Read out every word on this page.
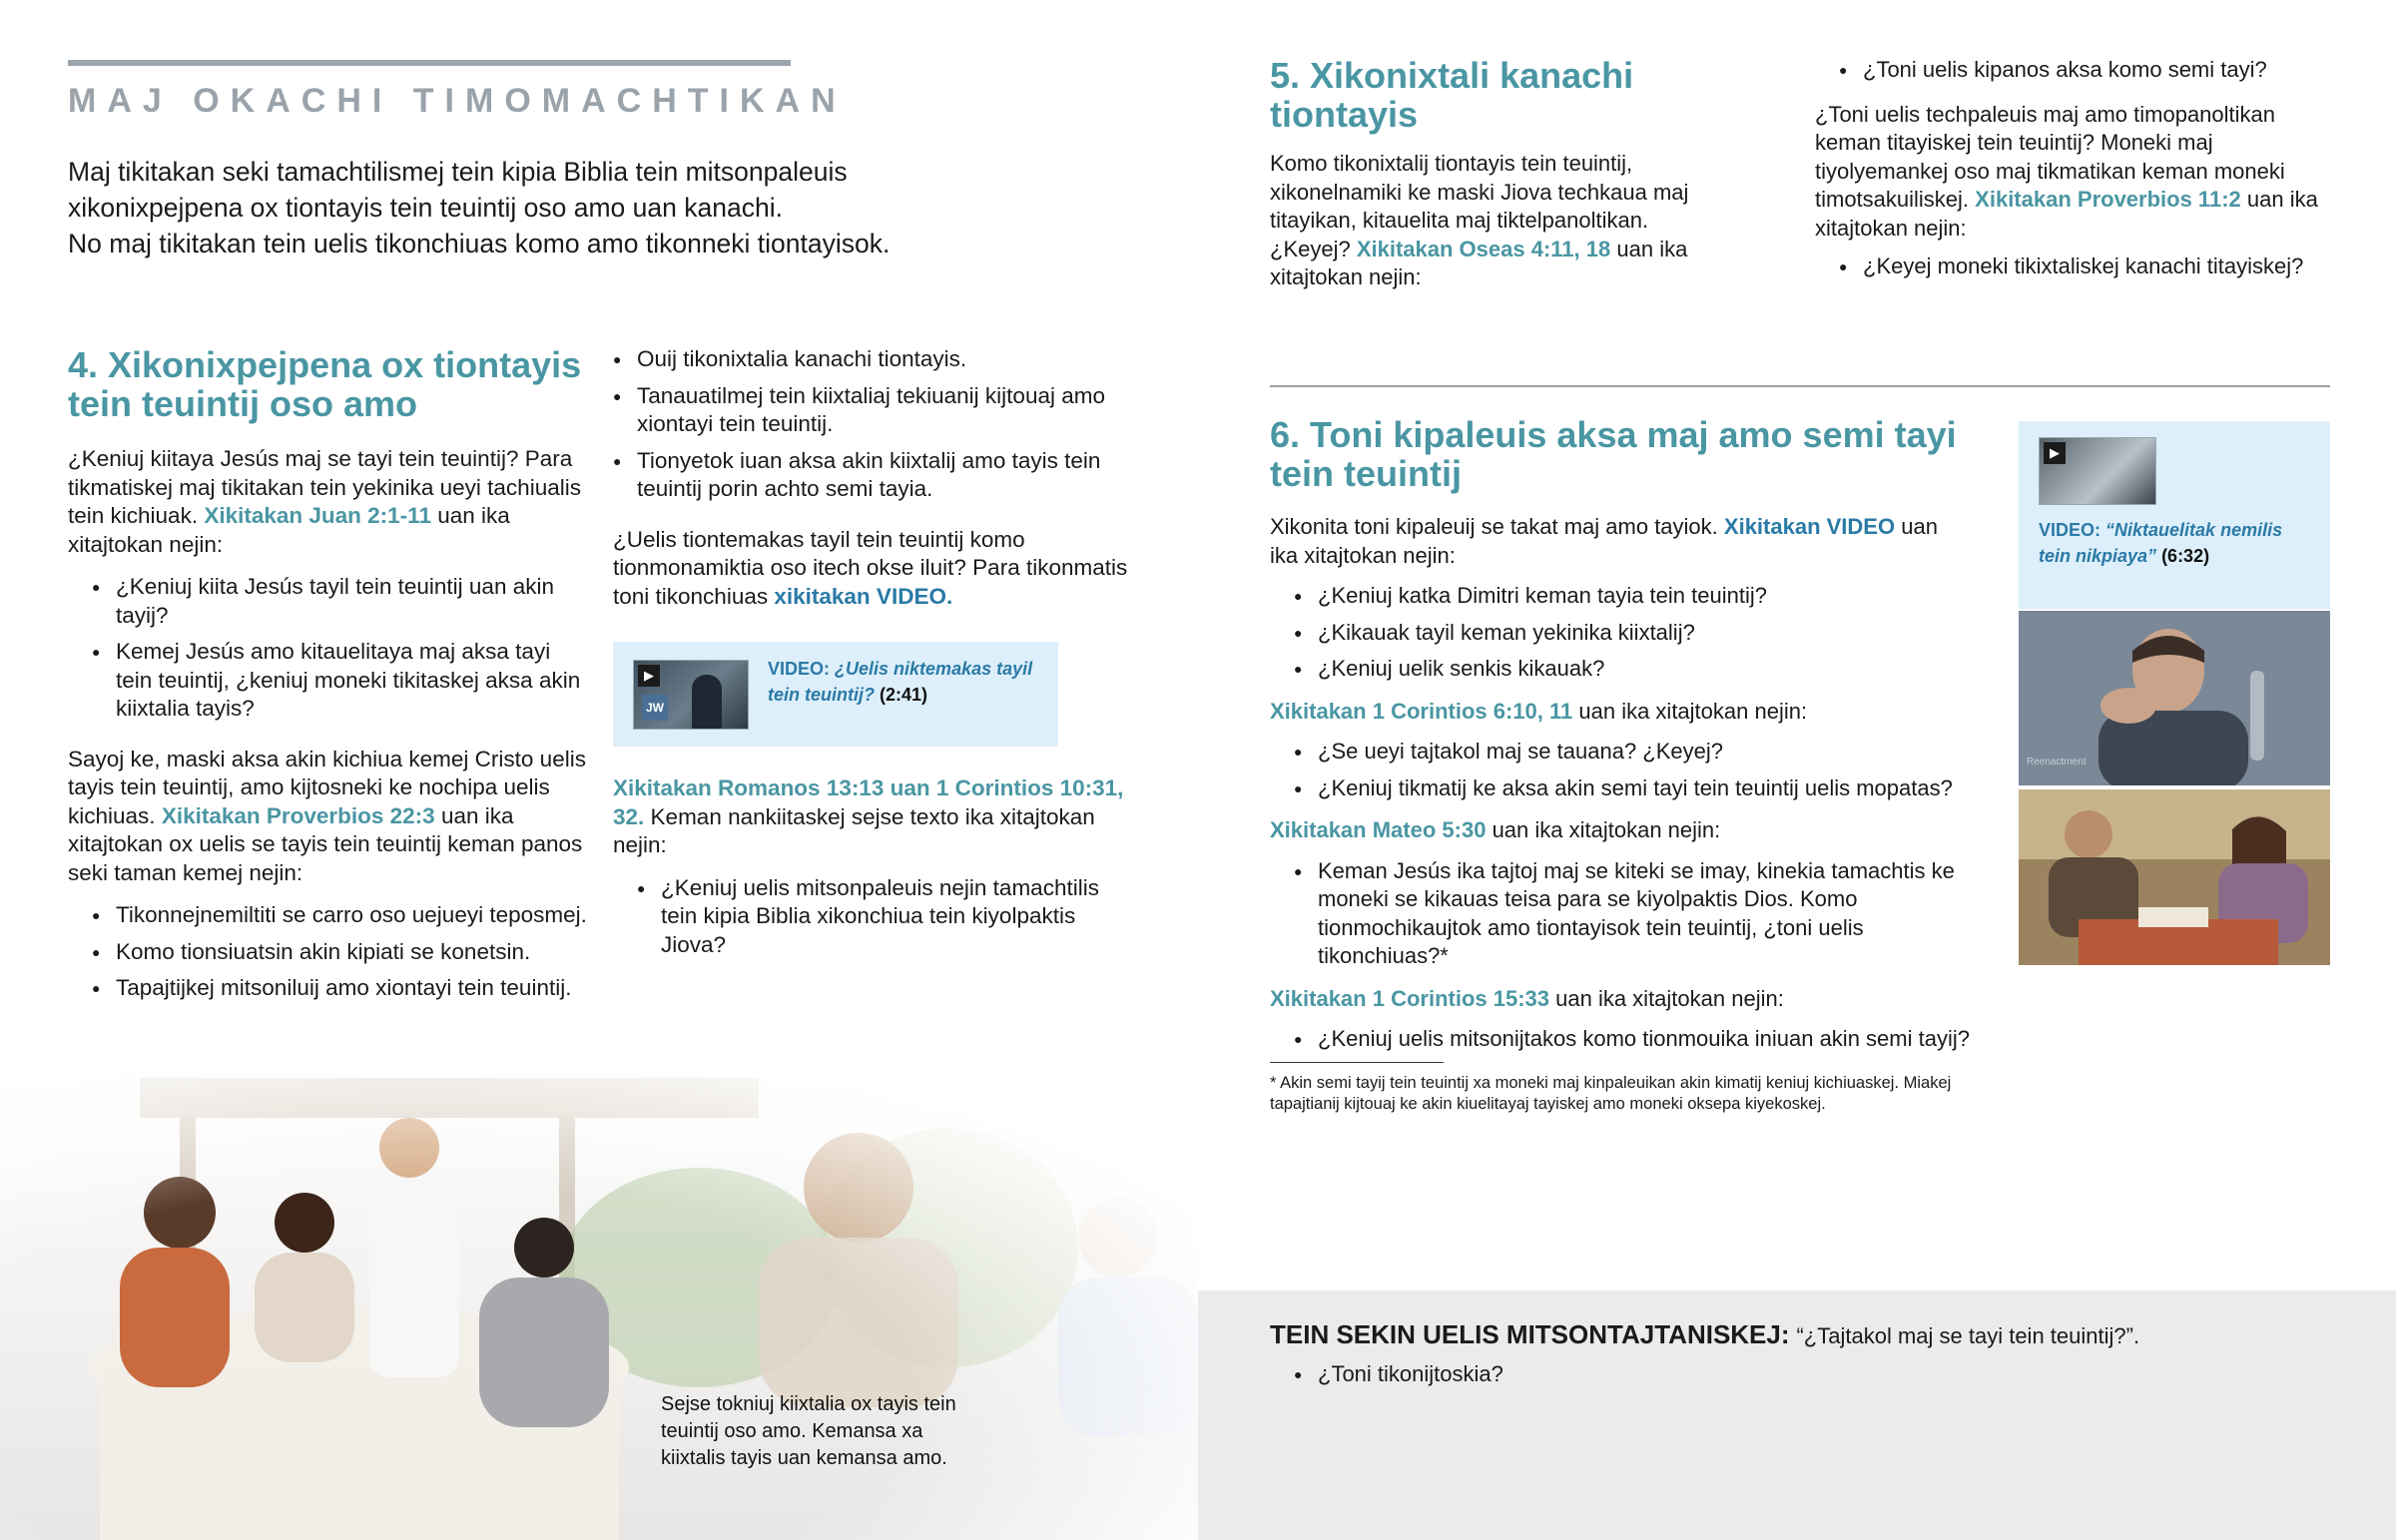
MAJ OKACHI TIMOMACHTIKAN
Maj tikitakan seki tamachtilismej tein kipia Biblia tein mitsonpaleuis
xikonixpejpena ox tiontayis tein teuintij oso amo uan kanachi.
No maj tikitakan tein uelis tikonchiuas komo amo tikonneki tiontayisok.
4. Xikonixpejpena ox tiontayis
tein teuintij oso amo

¿Keniuj kiitaya Jesús maj se tayi tein teuintij? Para tikmatiskej maj tikitakan tein yekinika ueyi tachiualis tein kichiuak. Xikitakan Juan 2:1-11 uan ika xitajtokan nejin:

● ¿Keniuj kiita Jesús tayil tein teuintij uan akin tayij?
● Kemej Jesús amo kitauelitaya maj aksa tayi tein teuintij, ¿keniuj moneki tikitaskej aksa akin kiixtalia tayis?

Sayoj ke, maski aksa akin kichiua kemej Cristo uelis tayis tein teuintij, amo kijtosneki ke nochipa uelis kichiuas. Xikitakan Proverbios 22:3 uan ika xitajtokan ox uelis se tayis tein teuintij keman panos seki taman kemej nejin:

● Tikonnejnemiltiti se carro oso uejueyi teposmej.
● Komo tionsiuatsin akin kipiati se konetsin.
● Tapajtijkej mitsoniluij amo xiontayi tein teuintij.
● Ouij tikonixtalia kanachi tiontayis.
● Tanauatilmej tein kiixtaliaj tekiuanij kijtouaj amo xiontayi tein teuintij.
● Tionyetok iuan aksa akin kiixtalij amo tayis tein teuintij porin achto semi tayia.

¿Uelis tiontemakas tayil tein teuintij komo tionmonamiktia oso itech okse iluit? Para tikonmatis toni tikonchiuas xikitakan VIDEO.

▶
JW
VIDEO: ¿Uelis niktemakas tayil tein teuintij? (2:41)

Xikitakan Romanos 13:13 uan 1 Corintios 10:31, 32. Keman nankiitaskej sejse texto ika xitajtokan nejin:

● ¿Keniuj uelis mitsonpaleuis nejin tamachtilis tein kipia Biblia xikonchiua tein kiyolpaktis Jiova?
Sejse tokniuj kiixtalia ox tayis tein teuintij oso amo. Kemansa xa kiixtalis tayis uan kemansa amo.
5. Xikonixtali kanachi tiontayis

Komo tikonixtalij tiontayis tein teuintij, xikonelnamiki ke maski Jiova techkaua maj titayikan, kitauelita maj tiktelpanoltikan. ¿Keyej? Xikitakan Oseas 4:11, 18 uan ika xitajtokan nejin:

● ¿Toni uelis kipanos aksa komo semi tayi?

¿Toni uelis techpaleuis maj amo timopanoltikan keman titayiskej tein teuintij? Moneki maj tiyolyemankej oso maj tikmatikan keman moneki timotsakuiliskej. Xikitakan Proverbios 11:2 uan ika xitajtokan nejin:

● ¿Keyej moneki tikixtaliskej kanachi titayiskej?
6. Toni kipaleuis aksa maj amo semi tayi
tein teuintij

Xikonita toni kipaleuij se takat maj amo tayiok. Xikitakan VIDEO uan ika xitajtokan nejin:

● ¿Keniuj katka Dimitri keman tayia tein teuintij?
● ¿Kikauak tayil keman yekinika kiixtalij?
● ¿Keniuj uelik senkis kikauak?

Xikitakan 1 Corintios 6:10, 11 uan ika xitajtokan nejin:

● ¿Se ueyi tajtakol maj se tauana? ¿Keyej?
● ¿Keniuj tikmatij ke aksa akin semi tayi tein teuintij uelis mopatas?

Xikitakan Mateo 5:30 uan ika xitajtokan nejin:

● Keman Jesús ika tajtoj maj se kiteki se imay, kinekia tamachtis ke moneki se kikauas teisa para se kiyolpaktis Dios. Komo tionmochikaujtok amo tiontayisok tein teuintij, ¿toni uelis tikonchiuas?*

Xikitakan 1 Corintios 15:33 uan ika xitajtokan nejin:

● ¿Keniuj uelis mitsonijtakos komo tionmouika iniuan akin semi tayij?
* Akin semi tayij tein teuintij xa moneki maj kinpaleuikan akin kimatij keniuj kichiuaskej. Miakej tapajtianij kijtouaj ke akin kiuelitayaj tayiskej amo moneki oksepa kiyekoskej.
▶
VIDEO: “Niktauelitak nemilis tein nikpiaya” (6:32)
Reenactment
TEIN SEKIN UELIS MITSONTAJTANISKEJ: “¿Tajtakol maj se tayi tein teuintij?”.
● ¿Toni tikonijtoskia?
